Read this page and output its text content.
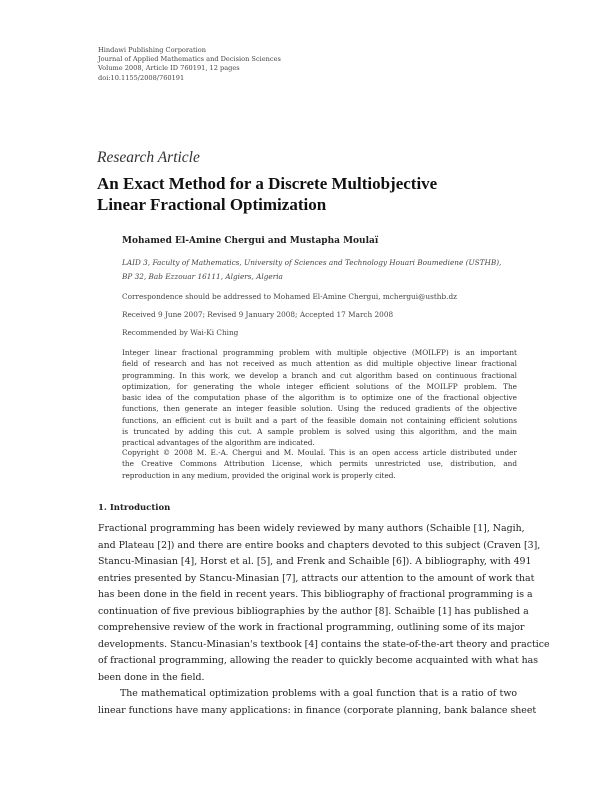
Hindawi Publishing Corporation
Journal of Applied Mathematics and Decision Sciences
Volume 2008, Article ID 760191, 12 pages
doi:10.1155/2008/760191
Research Article
An Exact Method for a Discrete Multiobjective
Linear Fractional Optimization
Mohamed El-Amine Chergui and Mustapha Moulaï
LAID 3, Faculty of Mathematics, University of Sciences and Technology Houari Boumediene (USTHB),
BP 32, Bab Ezzouar 16111, Algiers, Algeria
Correspondence should be addressed to Mohamed El-Amine Chergui, mchergui@usthb.dz
Received 9 June 2007; Revised 9 January 2008; Accepted 17 March 2008
Recommended by Wai-Ki Ching
Integer linear fractional programming problem with multiple objective (MOILFP) is an important
field of research and has not received as much attention as did multiple objective linear fractional
programming. In this work, we develop a branch and cut algorithm based on continuous fractional
optimization, for generating the whole integer efficient solutions of the MOILFP problem. The
basic idea of the computation phase of the algorithm is to optimize one of the fractional objective
functions, then generate an integer feasible solution. Using the reduced gradients of the objective
functions, an efficient cut is built and a part of the feasible domain not containing efficient solutions
is truncated by adding this cut. A sample problem is solved using this algorithm, and the main
practical advantages of the algorithm are indicated.
Copyright © 2008 M. E.-A. Chergui and M. Moulaï. This is an open access article distributed under
the Creative Commons Attribution License, which permits unrestricted use, distribution, and
reproduction in any medium, provided the original work is properly cited.
1. Introduction
Fractional programming has been widely reviewed by many authors (Schaible [1], Nagih,
and Plateau [2]) and there are entire books and chapters devoted to this subject (Craven [3],
Stancu-Minasian [4], Horst et al. [5], and Frenk and Schaible [6]). A bibliography, with 491
entries presented by Stancu-Minasian [7], attracts our attention to the amount of work that
has been done in the field in recent years. This bibliography of fractional programming is a
continuation of five previous bibliographies by the author [8]. Schaible [1] has published a
comprehensive review of the work in fractional programming, outlining some of its major
developments. Stancu-Minasian's textbook [4] contains the state-of-the-art theory and practice
of fractional programming, allowing the reader to quickly become acquainted with what has
been done in the field.
The mathematical optimization problems with a goal function that is a ratio of two
linear functions have many applications: in finance (corporate planning, bank balance sheet
